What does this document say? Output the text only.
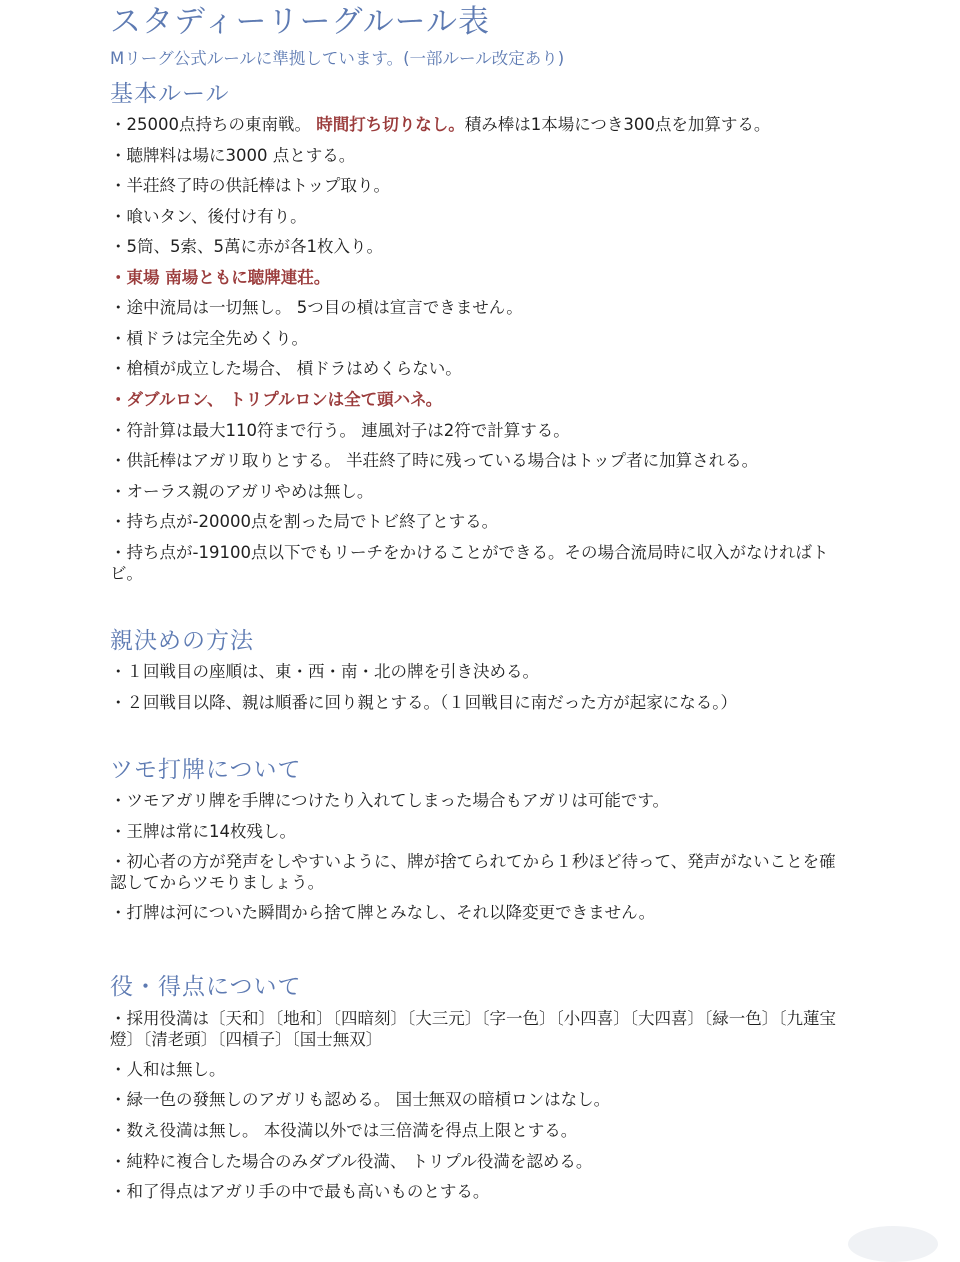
スタディーリーグルール表
Mリーグ公式ルールに準拠しています。(一部ルール改定あり)
基本ルール
・25000点持ちの東南戦。 時間打ち切りなし。積み棒は1本場につき300点を加算する。
・聴牌料は場に3000 点とする。
・半荘終了時の供託棒はトップ取り。
・喰いタン、後付け有り。
・5筒、5索、5萬に赤が各1枚入り。
・東場 南場ともに聴牌連荘。
・途中流局は一切無し。 5つ目の槓は宣言できません。
・槓ドラは完全先めくり。
・槍槓が成立した場合、 槓ドラはめくらない。
・ダブルロン、 トリプルロンは全て頭ハネ。
・符計算は最大110符まで行う。 連風対子は2符で計算する。
・供託棒はアガリ取りとする。 半荘終了時に残っている場合はトップ者に加算される。
・オーラス親のアガリやめは無し。
・持ち点が-20000点を割った局でトビ終了とする。
・持ち点が-19100点以下でもリーチをかけることができる。その場合流局時に収入がなければトビ。
親決めの方法
・１回戦目の座順は、東・西・南・北の牌を引き決める。
・２回戦目以降、親は順番に回り親とする。（１回戦目に南だった方が起家になる。）
ツモ打牌について
・ツモアガリ牌を手牌につけたり入れてしまった場合もアガリは可能です。
・王牌は常に14枚残し。
・初心者の方が発声をしやすいように、牌が捨てられてから１秒ほど待って、発声がないことを確認してからツモりましょう。
・打牌は河についた瞬間から捨て牌とみなし、それ以降変更できません。
役・得点について
・採用役満は〔天和〕〔地和〕〔四暗刻〕〔大三元〕〔字一色〕〔小四喜〕〔大四喜〕〔緑一色〕〔九蓮宝燈〕〔清老頭〕〔四槓子〕〔国士無双〕
・人和は無し。
・緑一色の發無しのアガリも認める。 国士無双の暗槓ロンはなし。
・数え役満は無し。 本役満以外では三倍満を得点上限とする。
・純粋に複合した場合のみダブル役満、 トリプル役満を認める。
・和了得点はアガリ手の中で最も高いものとする。
